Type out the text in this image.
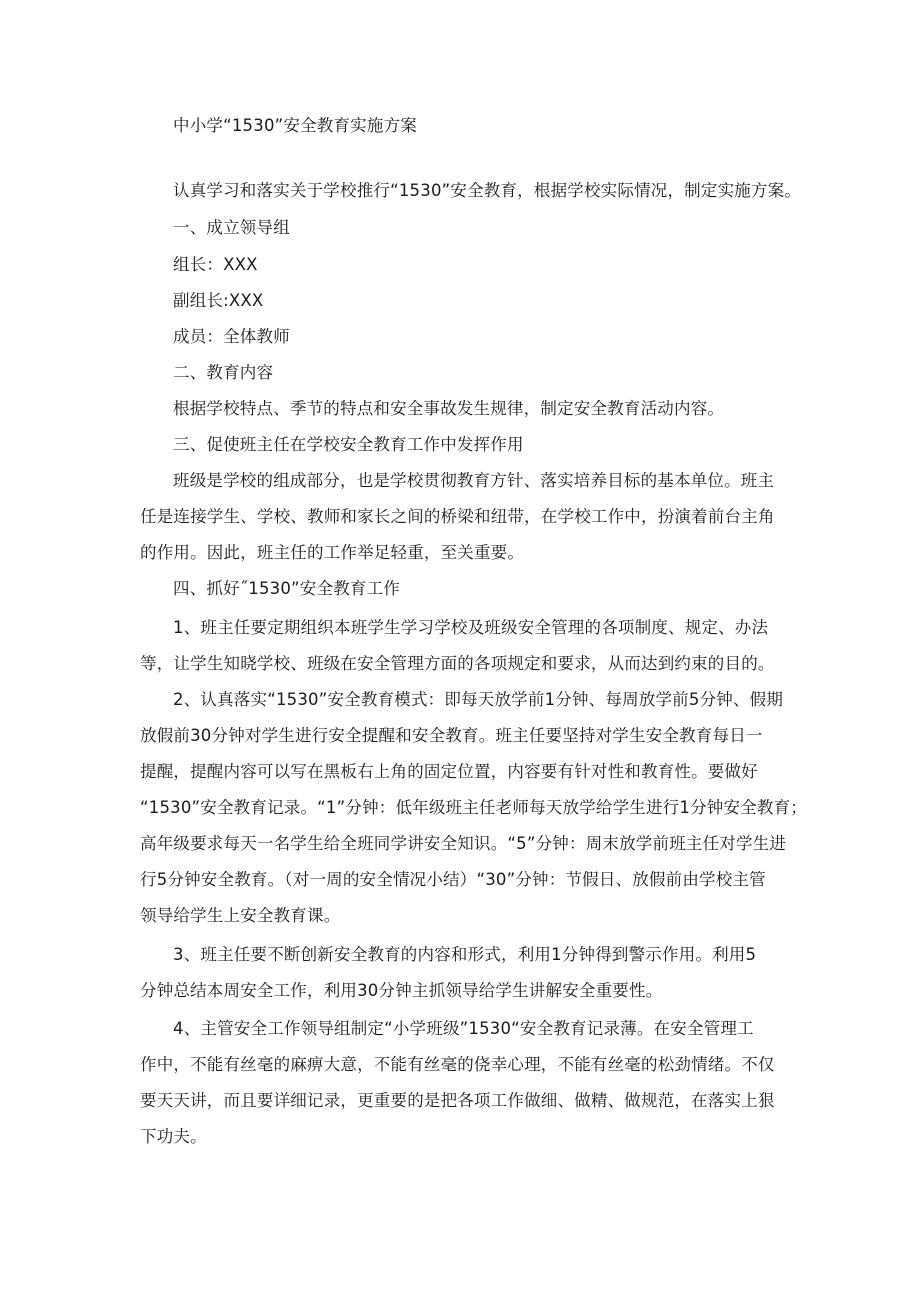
中小学“1530”安全教育实施方案
认真学习和落实关于学校推行“1530”安全教育，根据学校实际情况，制定实施方案。
一、成立领导组
组长：XXX
副组长:XXX
成员：全体教师
二、教育内容
根据学校特点、季节的特点和安全事故发生规律，制定安全教育活动内容。
三、促使班主任在学校安全教育工作中发挥作用
班级是学校的组成部分，也是学校贯彻教育方针、落实培养目标的基本单位。班主
任是连接学生、学校、教师和家长之间的桥梁和纽带，在学校工作中，扮演着前台主角
的作用。因此，班主任的工作举足轻重，至关重要。
四、抓好˝1530”安全教育工作
1、班主任要定期组织本班学生学习学校及班级安全管理的各项制度、规定、办法
等，让学生知晓学校、班级在安全管理方面的各项规定和要求，从而达到约束的目的。
2、认真落实“1530”安全教育模式：即每天放学前1分钟、每周放学前5分钟、假期
放假前30分钟对学生进行安全提醒和安全教育。班主任要坚持对学生安全教育每日一
提醒，提醒内容可以写在黑板右上角的固定位置，内容要有针对性和教育性。要做好
“1530”安全教育记录。“1”分钟：低年级班主任老师每天放学给学生进行1分钟安全教育；
高年级要求每天一名学生给全班同学讲安全知识。“5”分钟：周末放学前班主任对学生进
行5分钟安全教育。（对一周的安全情况小结）“30”分钟：节假日、放假前由学校主管
领导给学生上安全教育课。
3、班主任要不断创新安全教育的内容和形式，利用1分钟得到警示作用。利用5
分钟总结本周安全工作，利用30分钟主抓领导给学生讲解安全重要性。
4、主管安全工作领导组制定“小学班级”1530“安全教育记录薄。在安全管理工
作中，不能有丝毫的麻痹大意，不能有丝毫的侥幸心理，不能有丝毫的松劲情绪。不仅
要天天讲，而且要详细记录，更重要的是把各项工作做细、做精、做规范，在落实上狠
下功夫。
